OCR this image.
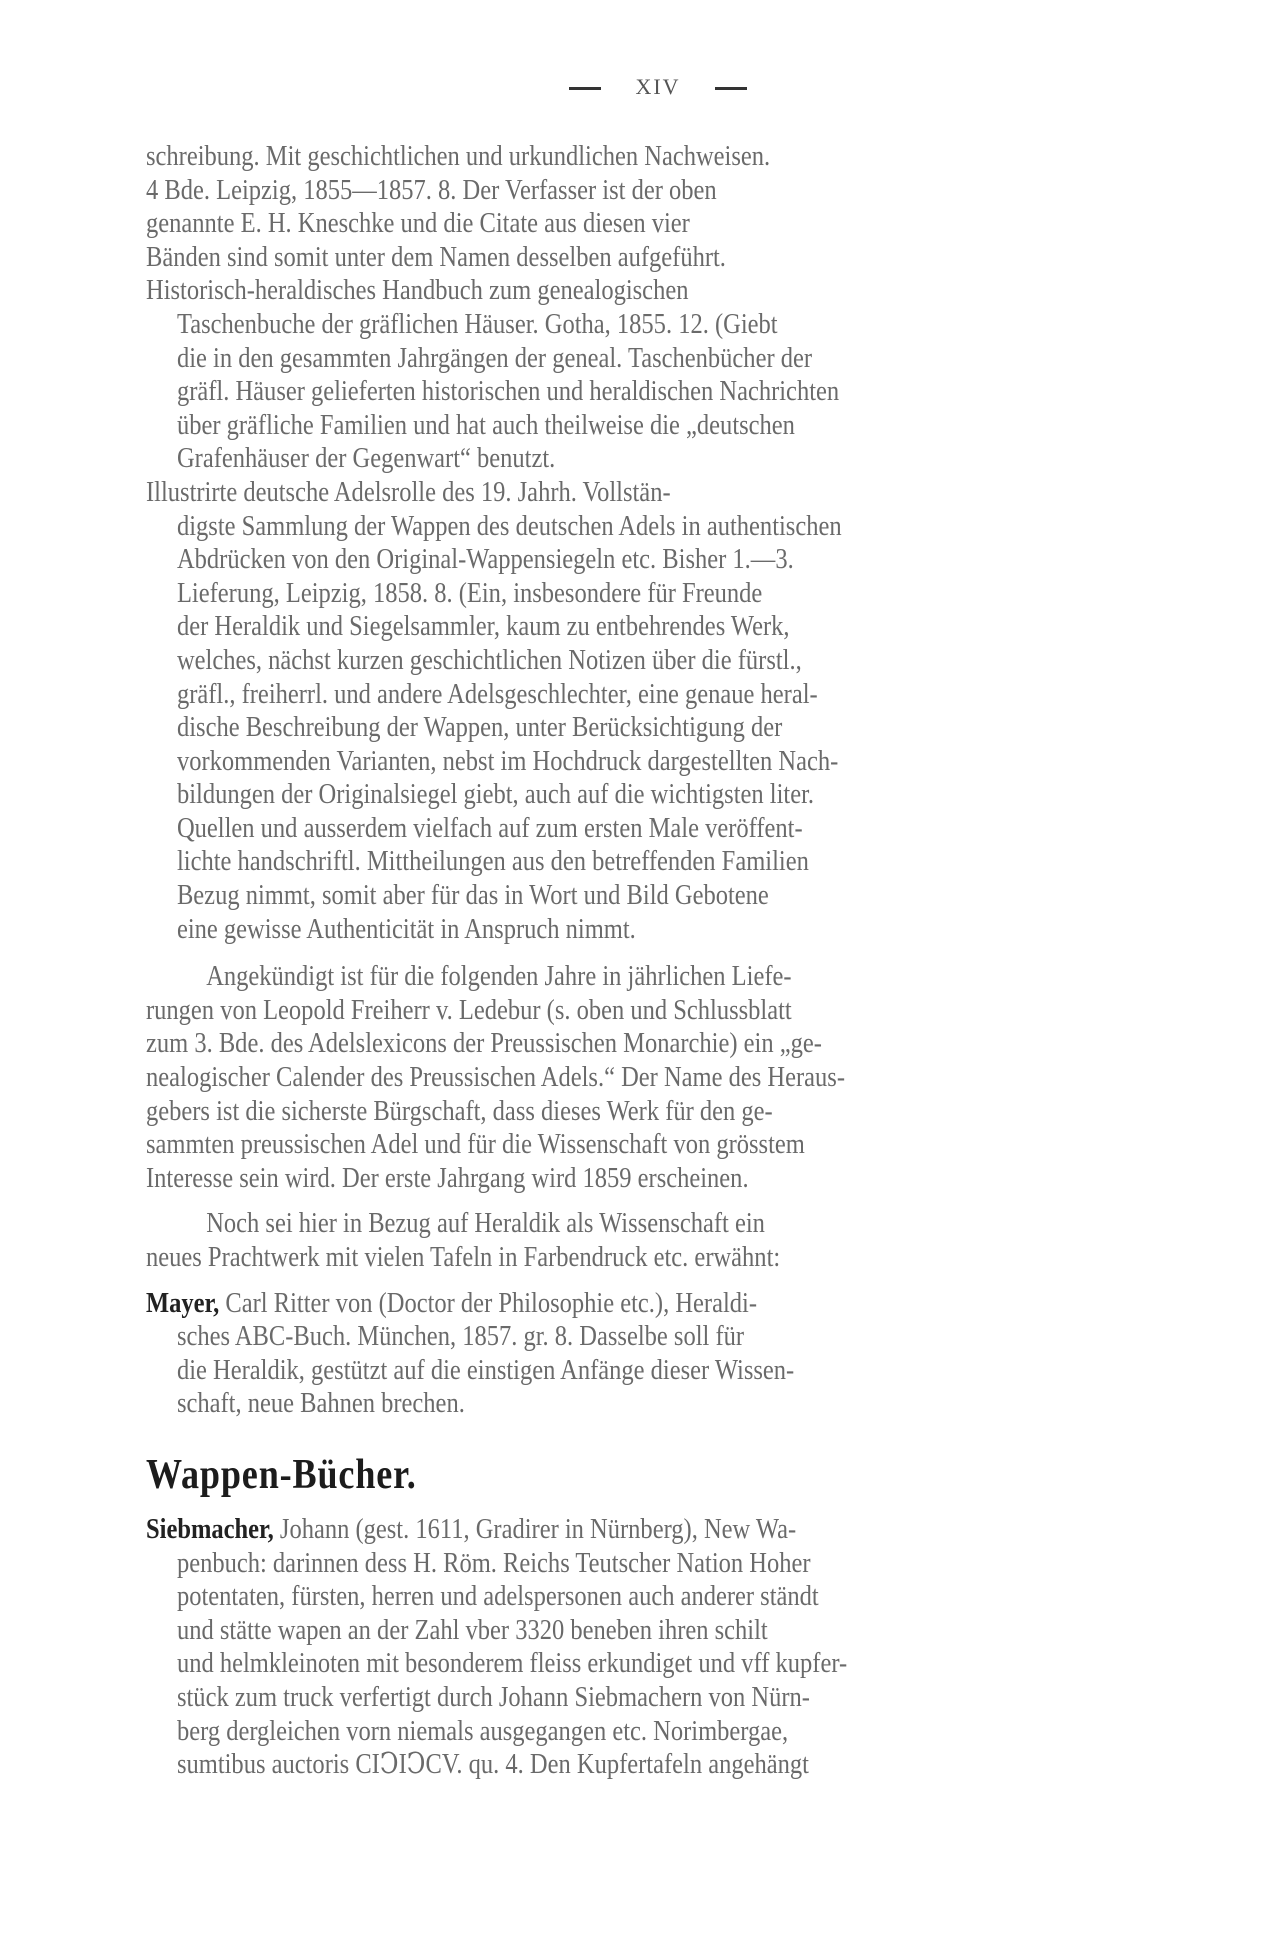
XIV
schreibung. Mit geschichtlichen und urkundlichen Nachweisen.
4 Bde. Leipzig, 1855—1857. 8. Der Verfasser ist der oben
genannte E. H. Kneschke und die Citate aus diesen vier
Bänden sind somit unter dem Namen desselben aufgeführt.
Historisch-heraldisches Handbuch zum genealogischen
Taschenbuche der gräflichen Häuser. Gotha, 1855. 12. (Giebt
die in den gesammten Jahrgängen der geneal. Taschenbücher der
gräfl. Häuser gelieferten historischen und heraldischen Nachrichten
über gräfliche Familien und hat auch theilweise die „deutschen
Grafenhäuser der Gegenwart“ benutzt.
Illustrirte deutsche Adelsrolle des 19. Jahrh. Vollstän-
digste Sammlung der Wappen des deutschen Adels in authentischen
Abdrücken von den Original-Wappensiegeln etc. Bisher 1.—3.
Lieferung, Leipzig, 1858. 8. (Ein, insbesondere für Freunde
der Heraldik und Siegelsammler, kaum zu entbehrendes Werk,
welches, nächst kurzen geschichtlichen Notizen über die fürstl.,
gräfl., freiherrl. und andere Adelsgeschlechter, eine genaue heral-
dische Beschreibung der Wappen, unter Berücksichtigung der
vorkommenden Varianten, nebst im Hochdruck dargestellten Nach-
bildungen der Originalsiegel giebt, auch auf die wichtigsten liter.
Quellen und ausserdem vielfach auf zum ersten Male veröffent-
lichte handschriftl. Mittheilungen aus den betreffenden Familien
Bezug nimmt, somit aber für das in Wort und Bild Gebotene
eine gewisse Authenticität in Anspruch nimmt.
Angekündigt ist für die folgenden Jahre in jährlichen Liefe-
rungen von Leopold Freiherr v. Ledebur (s. oben und Schlussblatt
zum 3. Bde. des Adelslexicons der Preussischen Monarchie) ein „ge-
nealogischer Calender des Preussischen Adels.“ Der Name des Heraus-
gebers ist die sicherste Bürgschaft, dass dieses Werk für den ge-
sammten preussischen Adel und für die Wissenschaft von grösstem
Interesse sein wird. Der erste Jahrgang wird 1859 erscheinen.
Noch sei hier in Bezug auf Heraldik als Wissenschaft ein
neues Prachtwerk mit vielen Tafeln in Farbendruck etc. erwähnt:
Mayer, Carl Ritter von (Doctor der Philosophie etc.), Heraldi-
sches ABC-Buch. München, 1857. gr. 8. Dasselbe soll für
die Heraldik, gestützt auf die einstigen Anfänge dieser Wissen-
schaft, neue Bahnen brechen.
Wappen-Bücher.
Siebmacher, Johann (gest. 1611, Gradirer in Nürnberg), New Wa-
penbuch: darinnen dess H. Röm. Reichs Teutscher Nation Hoher
potentaten, fürsten, herren und adelspersonen auch anderer ständt
und stätte wapen an der Zahl vber 3320 beneben ihren schilt
und helmkleinoten mit besonderem fleiss erkundiget und vff kupfer-
stück zum truck verfertigt durch Johann Siebmachern von Nürn-
berg dergleichen vorn niemals ausgegangen etc. Norimbergae,
sumtibus auctoris CIↃIↃCV. qu. 4. Den Kupfertafeln angehängt
